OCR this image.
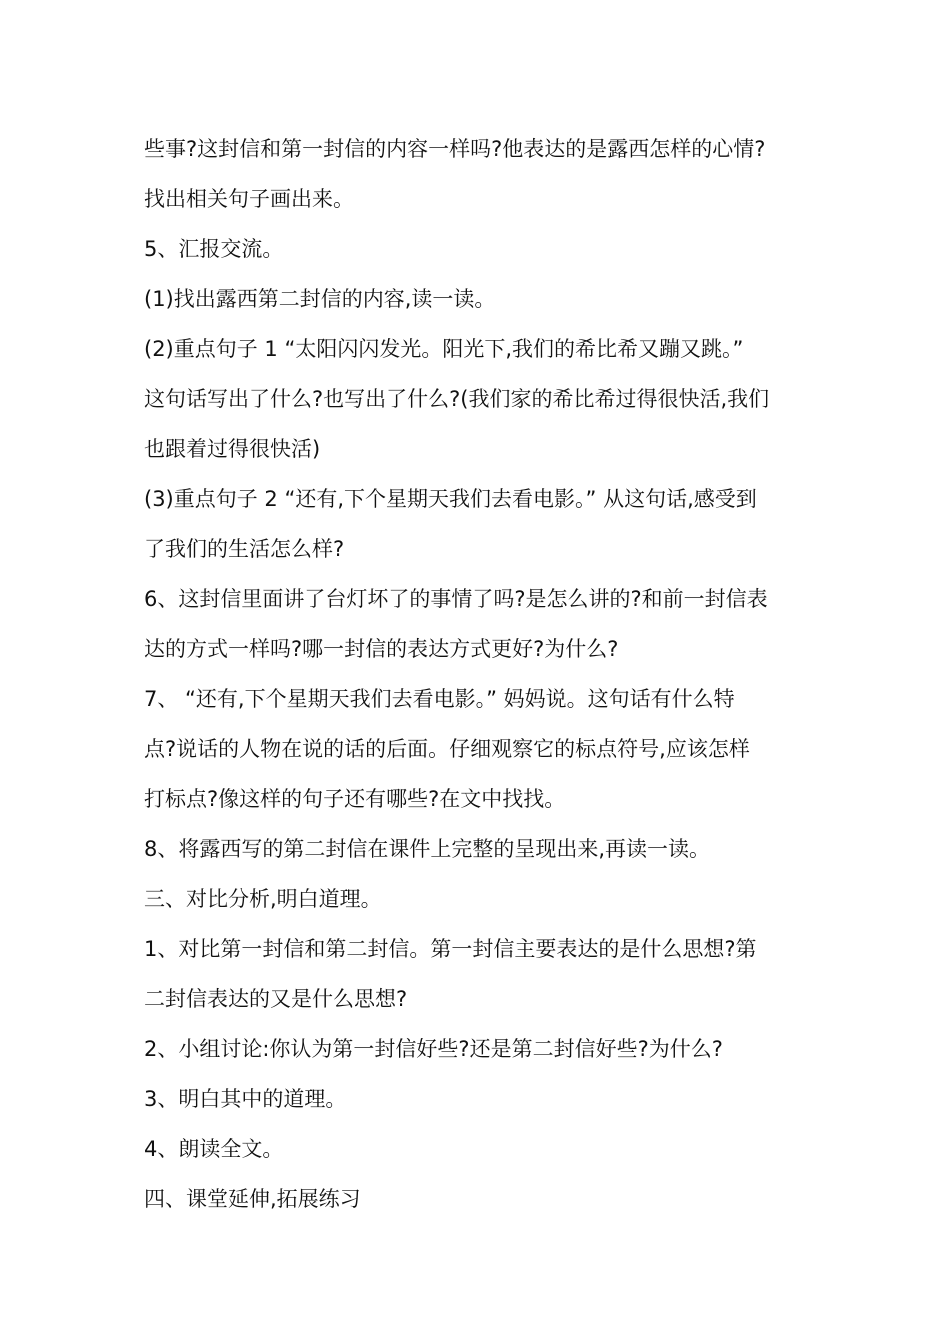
些事?这封信和第一封信的内容一样吗?他表达的是露西怎样的心情?
找出相关句子画出来。
5、汇报交流。
(1)找出露西第二封信的内容,读一读。
(2)重点句子 1 “太阳闪闪发光。阳光下,我们的希比希又蹦又跳。”
这句话写出了什么?也写出了什么?(我们家的希比希过得很快活,我们
也跟着过得很快活)
(3)重点句子 2 “还有,下个星期天我们去看电影。” 从这句话,感受到
了我们的生活怎么样?
6、这封信里面讲了台灯坏了的事情了吗?是怎么讲的?和前一封信表
达的方式一样吗?哪一封信的表达方式更好?为什么?
7、 “还有,下个星期天我们去看电影。” 妈妈说。这句话有什么特
点?说话的人物在说的话的后面。仔细观察它的标点符号,应该怎样
打标点?像这样的句子还有哪些?在文中找找。
8、将露西写的第二封信在课件上完整的呈现出来,再读一读。
三、对比分析,明白道理。
1、对比第一封信和第二封信。第一封信主要表达的是什么思想?第
二封信表达的又是什么思想?
2、小组讨论:你认为第一封信好些?还是第二封信好些?为什么?
3、明白其中的道理。
4、朗读全文。
四、课堂延伸,拓展练习
